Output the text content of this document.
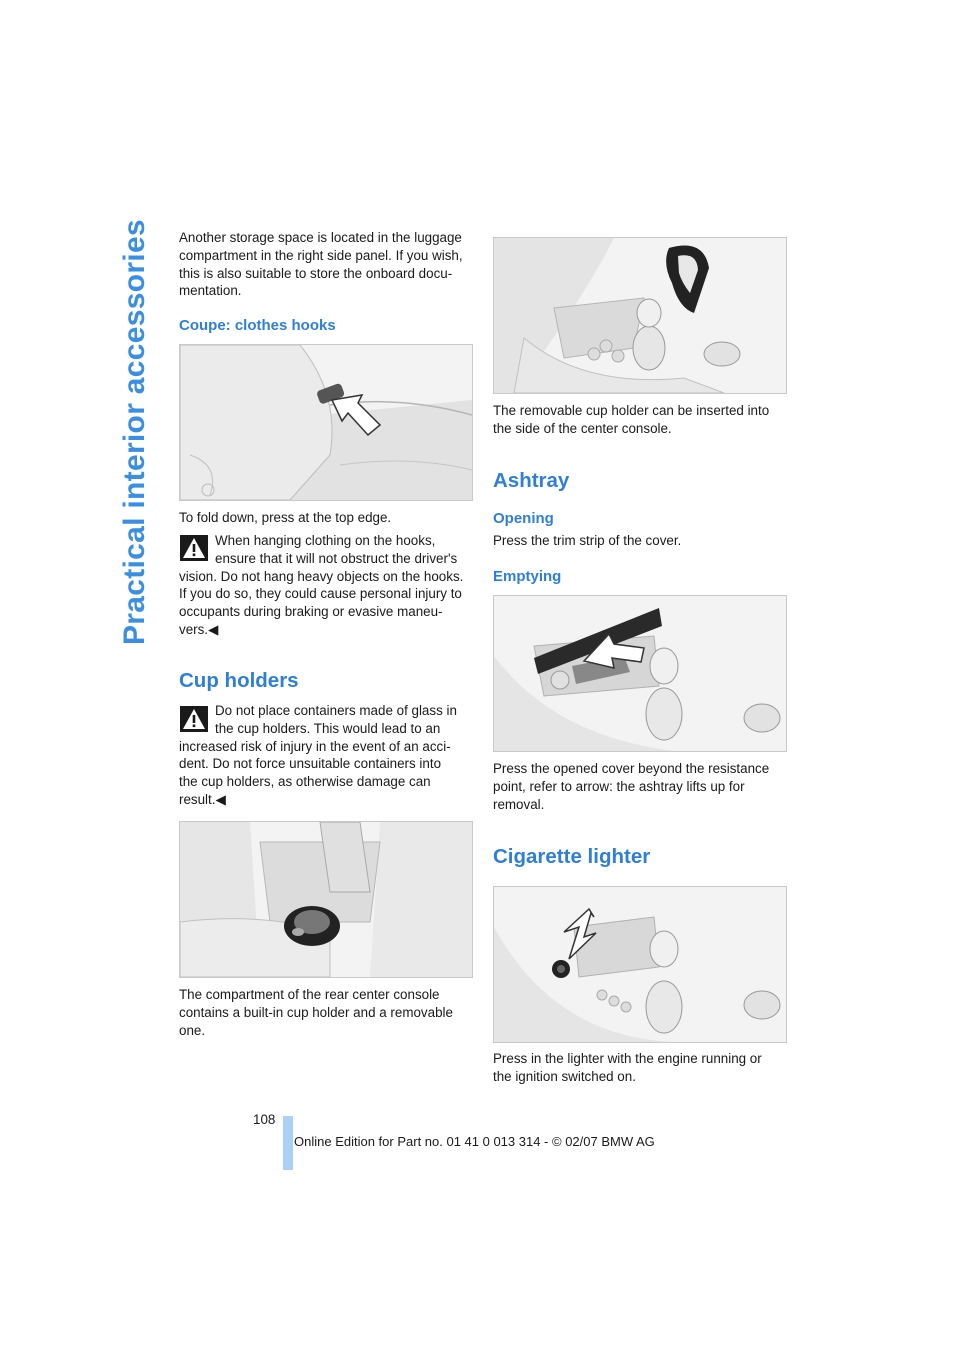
Practical interior accessories Another storage space is located in the luggage
compartment in the right side panel. If you wish,
this is also suitable to store the onboard docu-
mentation.
Coupe: clothes hooks
To fold down, press at the top edge.
When hanging clothing on the hooks,
ensure that it will not obstruct the driver's
vision. Do not hang heavy objects on the hooks.
If you do so, they could cause personal injury to
occupants during braking or evasive maneu-
vers.◀
Cup holders
Do not place containers made of glass in
the cup holders. This would lead to an
increased risk of injury in the event of an acci-
dent. Do not force unsuitable containers into
the cup holders, as otherwise damage can
result.◀
The compartment of the rear center console
contains a built-in cup holder and a removable
one.
The removable cup holder can be inserted into
the side of the center console.
Ashtray
Opening
Press the trim strip of the cover.
Emptying
Press the opened cover beyond the resistance
point, refer to arrow: the ashtray lifts up for
removal.
Cigarette lighter
Press in the lighter with the engine running or
the ignition switched on.
108
Online Edition for Part no. 01 41 0 013 314 - © 02/07 BMW AG
